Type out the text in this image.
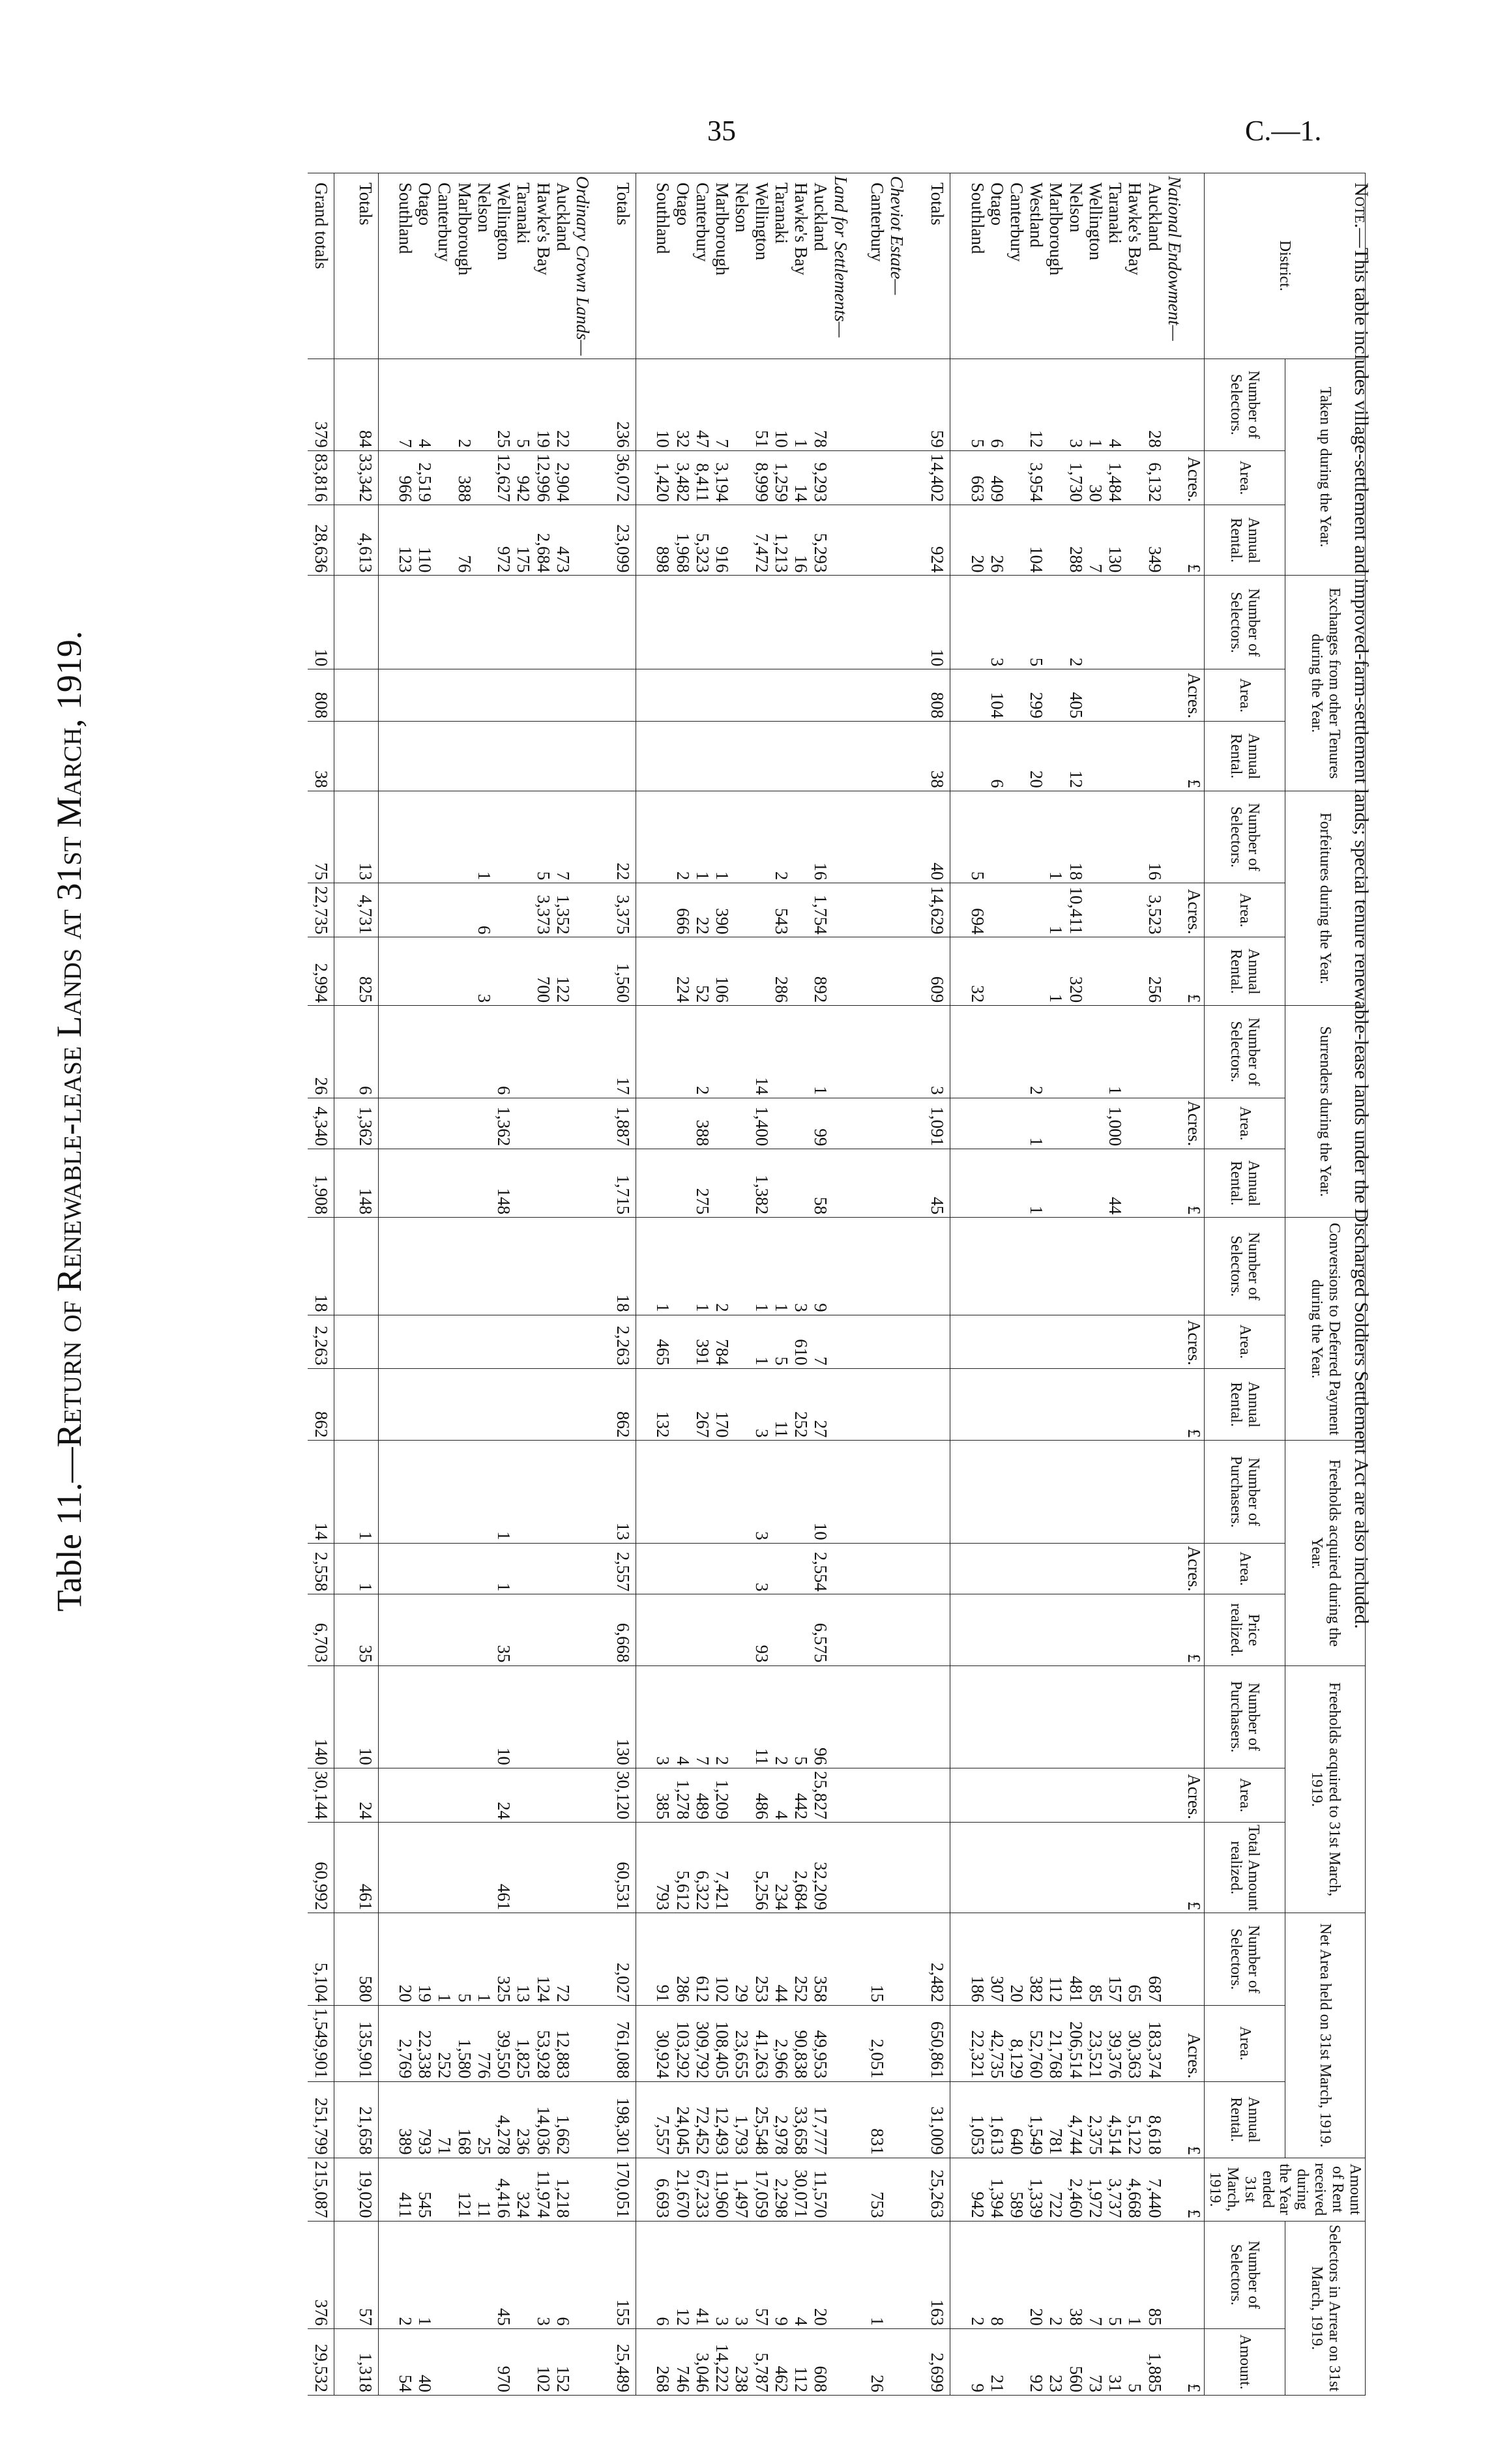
35	C.—1.
Table 11.—Return of Renewable-lease Lands at 31st March, 1919.
District.	Taken up during the Year.			Exchanges from other Tenures during the Year.			Forfeitures during the Year.			Surrenders during the Year.			Conversions to Deferred Payment during the Year.			Freeholds acquired during the Year.			Freeholds acquired to 31st March, 1919.			Net Area held on 31st March, 1919.			Amount of Rent received during the Year ended 31st March, 1919.	Selectors in Arrear on 31st March, 1919.	
	Number of Selectors.	Area.	Annual Rental.	Number of Selectors.	Area.	Annual Rental.	Number of Selectors.	Area.	Annual Rental.	Number of Selectors.	Area.	Annual Rental.	Number of Selectors.	Area.	Annual Rental.	Number of Purchasers.	Area.	Price realized.	Number of Purchasers.	Area.	Total Amount realized.	Number of Selectors.	Area.	Annual Rental.		Number of Selectors.	Amount.
		Acres.	£		Acres.	£		Acres.	£		Acres.	£		Acres.	£		Acres.	£		Acres.	£		Acres.	£	£		£
National Endowment—																											
Auckland	28	6,132	349				16	3,523	256													687	183,374	8,618	7,440	85	1,885
Hawke's Bay																						65	30,363	5,122	4,668	1	5
Taranaki	4	1,484	130							1	1,000	44										157	39,376	4,514	3,737	5	31
Wellington	1	30	7																			85	23,521	2,375	1,972	7	73
Nelson	3	1,730	288	2	405	12	18	10,411	320													481	206,514	4,744	2,460	38	560
Marlborough							1	1	1													112	21,768	781	722	2	23
Westland	12	3,954	104	5	299	20				2	1	1										382	52,760	1,549	1,339	20	92
Canterbury																						20	8,129	640	589		
Otago	6	409	26	3	104	6																307	42,735	1,613	1,394	8	21
Southland	5	663	20				5	694	32													186	22,321	1,053	942	2	9

Totals	59	14,402	924	10	808	38	40	14,629	609	3	1,091	45										2,482	650,861	31,009	25,263	163	2,699

Cheviot Estate—																											
Canterbury																						15	2,051	831	753	1	26

Land for Settlements—																											
Auckland	78	9,293	5,293				16	1,754	892	1	99	58	9	7	27	10	2,554	6,575	96	25,827	32,209	358	49,953	17,777	11,570	20	608
Hawke's Bay	1	14	16										3	610	252				5	442	2,684	252	90,838	33,658	30,071	4	112
Taranaki	10	1,259	1,213				2	543	286				1	5	11				2	4	234	44	2,966	2,978	2,298	9	462
Wellington	51	8,999	7,472							14	1,400	1,382	1	1	3	3	3	93	11	486	5,256	253	41,263	25,548	17,059	57	5,787
Nelson																						29	23,655	1,793	1,497	3	238
Marlborough	7	3,194	916				1	390	106				2	784	170				2	1,209	7,421	102	108,405	12,493	11,960	3	14,222
Canterbury	47	8,411	5,323				1	22	52	2	388	275	1	391	267				7	489	6,322	612	309,792	72,452	67,233	41	3,046
Otago	32	3,482	1,968				2	666	224										4	1,278	5,612	286	103,292	24,045	21,670	12	746
Southland	10	1,420	898										1	465	132				3	385	793	91	30,924	7,557	6,693	6	268

Totals	236	36,072	23,099				22	3,375	1,560	17	1,887	1,715	18	2,263	862	13	2,557	6,668	130	30,120	60,531	2,027	761,088	198,301	170,051	155	25,489

Ordinary Crown Lands—																											
Auckland	22	2,904	473				7	1,352	122													72	12,883	1,662	1,218	6	152
Hawke's Bay	19	12,996	2,684				5	3,373	700													124	53,928	14,036	11,974	3	102
Taranaki	5	942	175																			13	1,825	236	324		
Wellington	25	12,627	972							6	1,362	148				1	1	35	10	24	461	325	39,550	4,278	4,416	45	970
Nelson							1	6	3													1	776	25	11		
Marlborough	2	388	76																			5	1,580	168	121		
Canterbury																						1	252	71			
Otago	4	2,519	110																			19	22,338	793	545	1	40
Southland	7	966	123																			20	2,769	389	411	2	54

Totals	84	33,342	4,613				13	4,731	825	6	1,362	148				1	1	35	10	24	461	580	135,901	21,658	19,020	57	1,318

Grand totals	379	83,816	28,636	10	808	38	75	22,735	2,994	26	4,340	1,908	18	2,263	862	14	2,558	6,703	140	30,144	60,992	5,104	1,549,901	251,799	215,087	376	29,532
Note.—This table includes village-settlement and improved-farm-settlement lands; special tenure renewable-lease lands under the Discharged Soldiers Settlement Act are also included.
